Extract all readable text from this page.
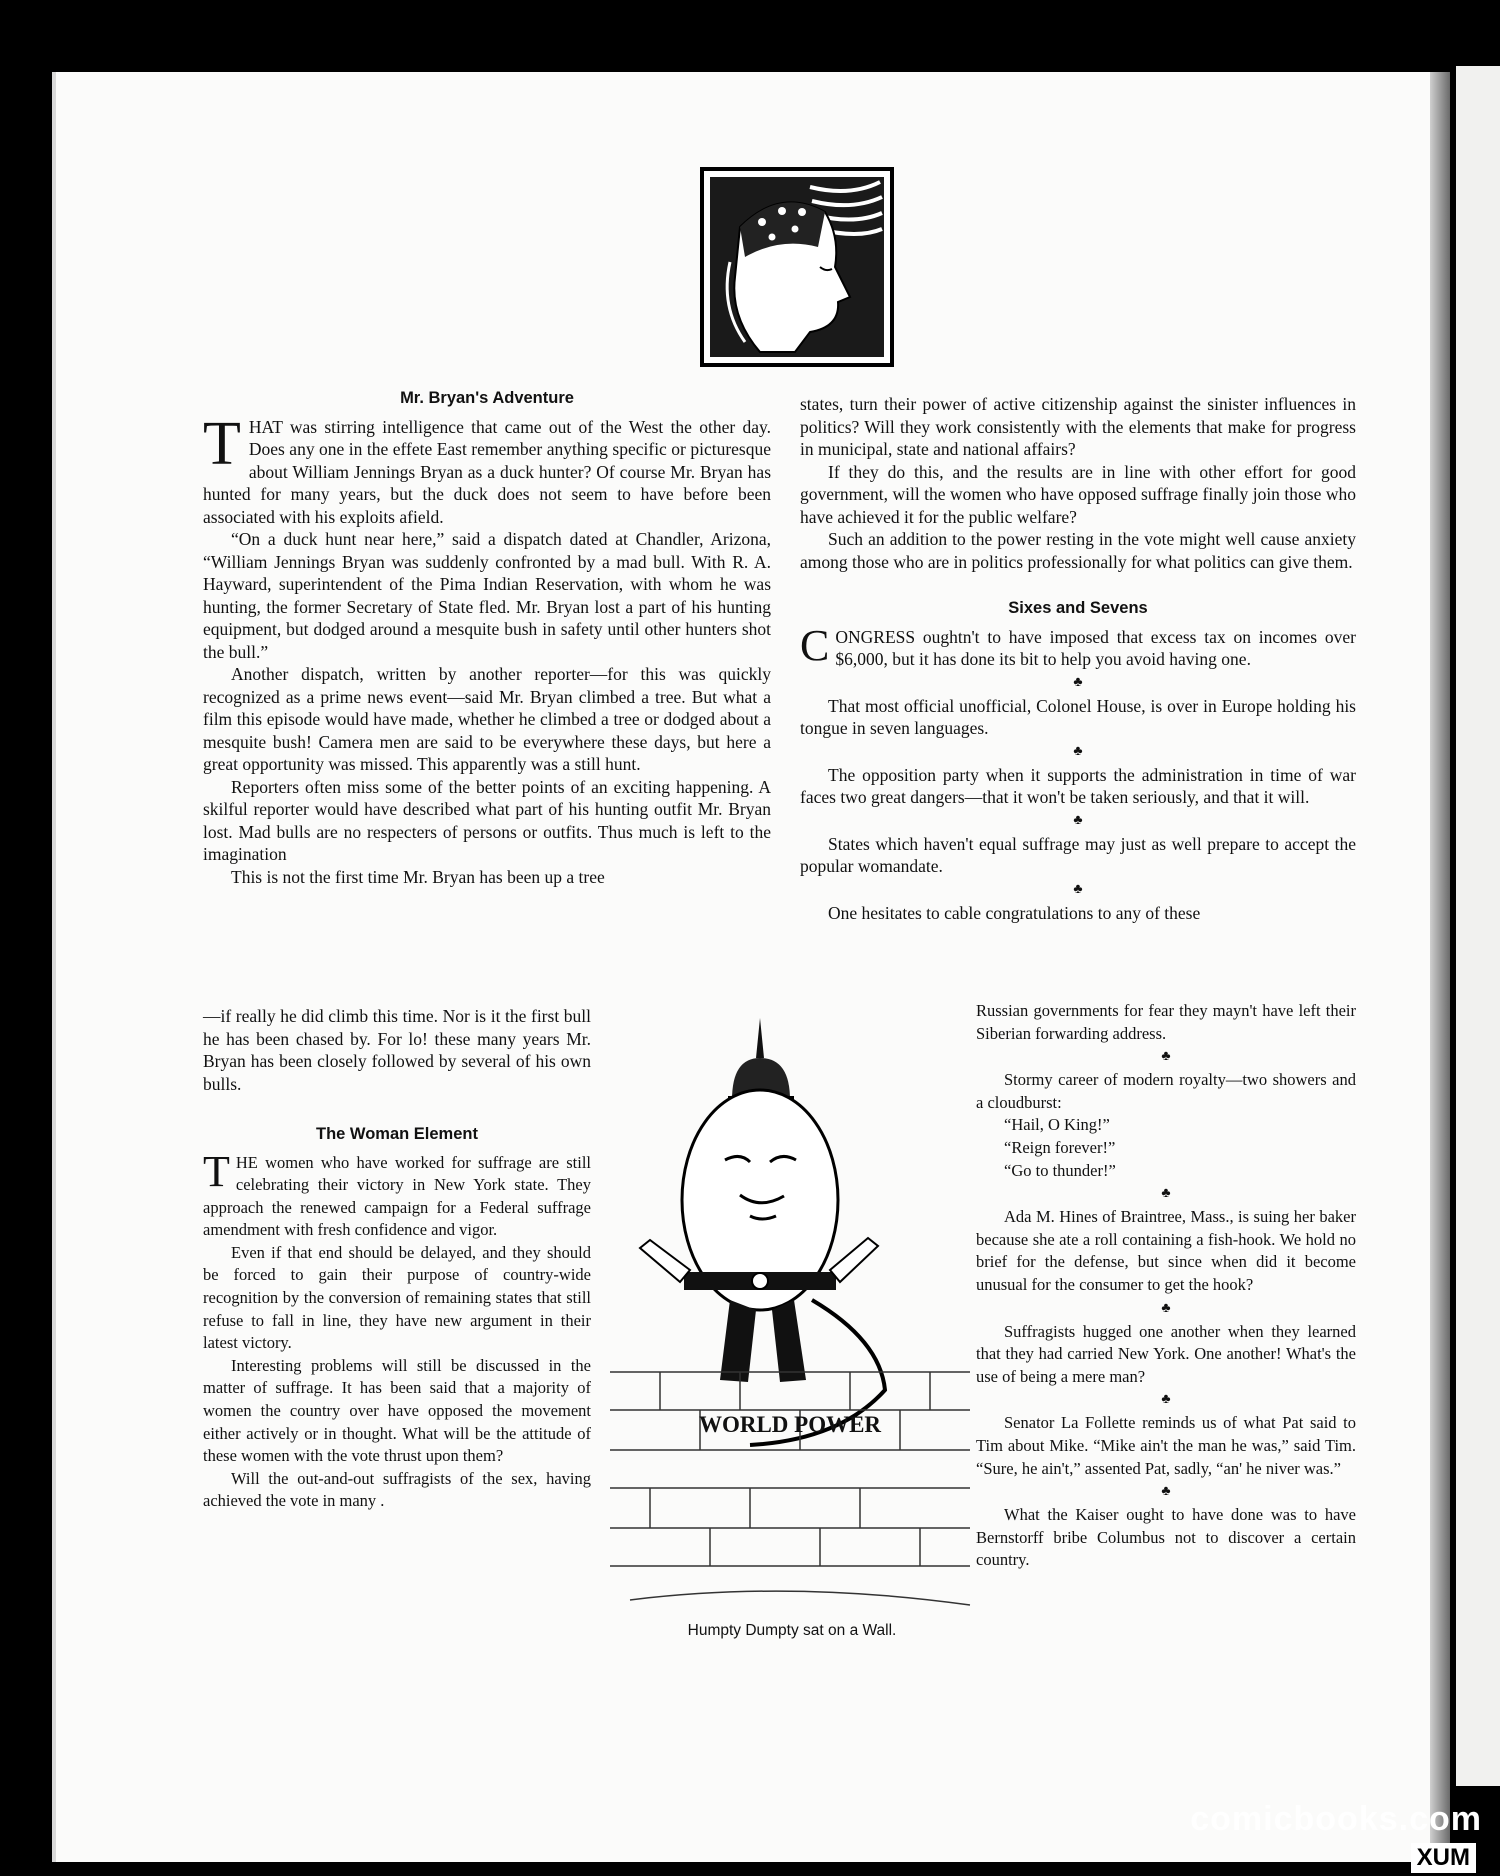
Mr. Bryan's Adventure

THAT was stirring intelligence that came out of the West the other day. Does any one in the effete East remember anything specific or picturesque about William Jennings Bryan as a duck hunter? Of course Mr. Bryan has hunted for many years, but the duck does not seem to have before been associated with his exploits afield.

“On a duck hunt near here,” said a dispatch dated at Chandler, Arizona, “William Jennings Bryan was suddenly confronted by a mad bull. With R. A. Hayward, superintendent of the Pima Indian Reservation, with whom he was hunting, the former Secretary of State fled. Mr. Bryan lost a part of his hunting equipment, but dodged around a mesquite bush in safety until other hunters shot the bull.”

Another dispatch, written by another reporter—for this was quickly recognized as a prime news event—said Mr. Bryan climbed a tree. But what a film this episode would have made, whether he climbed a tree or dodged about a mesquite bush! Camera men are said to be everywhere these days, but here a great opportunity was missed. This apparently was a still hunt.

Reporters often miss some of the better points of an exciting happening. A skilful reporter would have described what part of his hunting outfit Mr. Bryan lost. Mad bulls are no respecters of persons or outfits. Thus much is left to the imagination

This is not the first time Mr. Bryan has been up a tree

—if really he did climb this time. Nor is it the first bull he has been chased by. For lo! these many years Mr. Bryan has been closely followed by several of his own bulls.

The Woman Element

THE women who have worked for suffrage are still celebrating their victory in New York state. They approach the renewed campaign for a Federal suffrage amendment with fresh confidence and vigor.

Even if that end should be delayed, and they should be forced to gain their purpose of country-wide recognition by the conversion of remaining states that still refuse to fall in line, they have new argument in their latest victory.

Interesting problems will still be discussed in the matter of suffrage. It has been said that a majority of women the country over have opposed the movement either actively or in thought. What will be the attitude of these women with the vote thrust upon them?

Will the out-and-out suffragists of the sex, having achieved the vote in many .

WORLD POWER
Humpty Dumpty sat on a Wall.

states, turn their power of active citizenship against the sinister influences in politics? Will they work consistently with the elements that make for progress in municipal, state and national affairs?

If they do this, and the results are in line with other effort for good government, will the women who have opposed suffrage finally join those who have achieved it for the public welfare?

Such an addition to the power resting in the vote might well cause anxiety among those who are in politics professionally for what politics can give them.

Sixes and Sevens

CONGRESS oughtn't to have imposed that excess tax on incomes over $6,000, but it has done its bit to help you avoid having one.

♣

That most official unofficial, Colonel House, is over in Europe holding his tongue in seven languages.

♣

The opposition party when it supports the administration in time of war faces two great dangers—that it won't be taken seriously, and that it will.

♣

States which haven't equal suffrage may just as well prepare to accept the popular womandate.

♣

One hesitates to cable congratulations to any of these

Russian governments for fear they mayn't have left their Siberian forwarding address.

♣

Stormy career of modern royalty—two showers and a cloudburst:

“Hail, O King!”

“Reign forever!”

“Go to thunder!”

♣

Ada M. Hines of Braintree, Mass., is suing her baker because she ate a roll containing a fish-hook. We hold no brief for the defense, but since when did it become unusual for the consumer to get the hook?

♣

Suffragists hugged one another when they learned that they had carried New York. One another! What's the use of being a mere man?

♣

Senator La Follette reminds us of what Pat said to Tim about Mike. “Mike ain't the man he was,” said Tim. “Sure, he ain't,” assented Pat, sadly, “an' he niver was.”

♣

What the Kaiser ought to have done was to have Bernstorff bribe Columbus not to discover a certain country.

comicbooks.com
XUM
